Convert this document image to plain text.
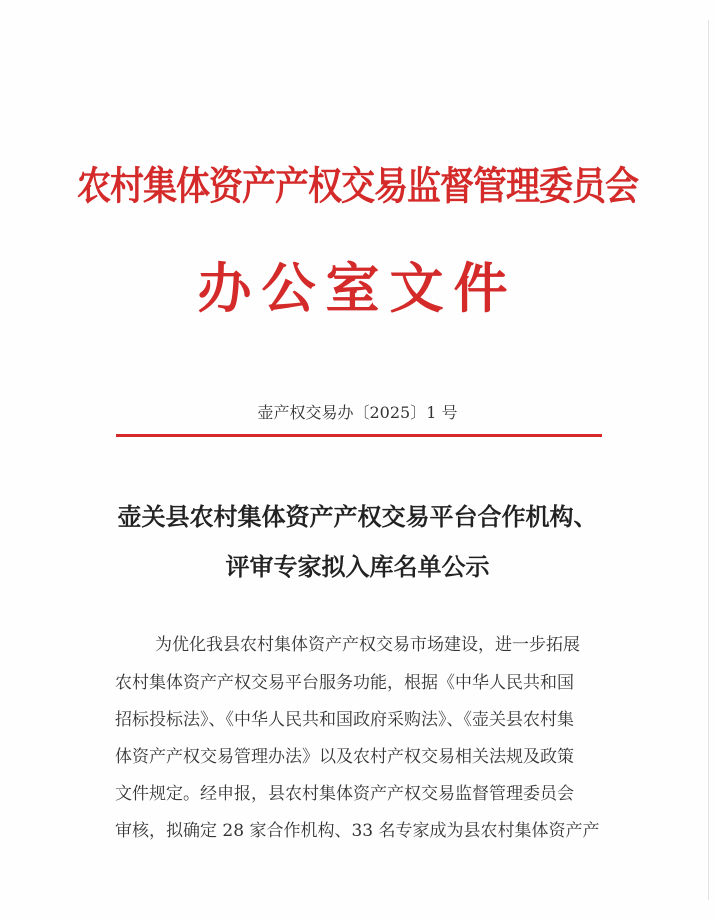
农村集体资产产权交易监督管理委员会
办公室文件
壶产权交易办〔2025〕1 号
壶关县农村集体资产产权交易平台合作机构、
评审专家拟入库名单公示
为优化我县农村集体资产产权交易市场建设，进一步拓展
农村集体资产产权交易平台服务功能，根据《中华人民共和国
招标投标法》、《中华人民共和国政府采购法》、《壶关县农村集
体资产产权交易管理办法》以及农村产权交易相关法规及政策
文件规定。经申报，县农村集体资产产权交易监督管理委员会
审核，拟确定 28 家合作机构、33 名专家成为县农村集体资产产
